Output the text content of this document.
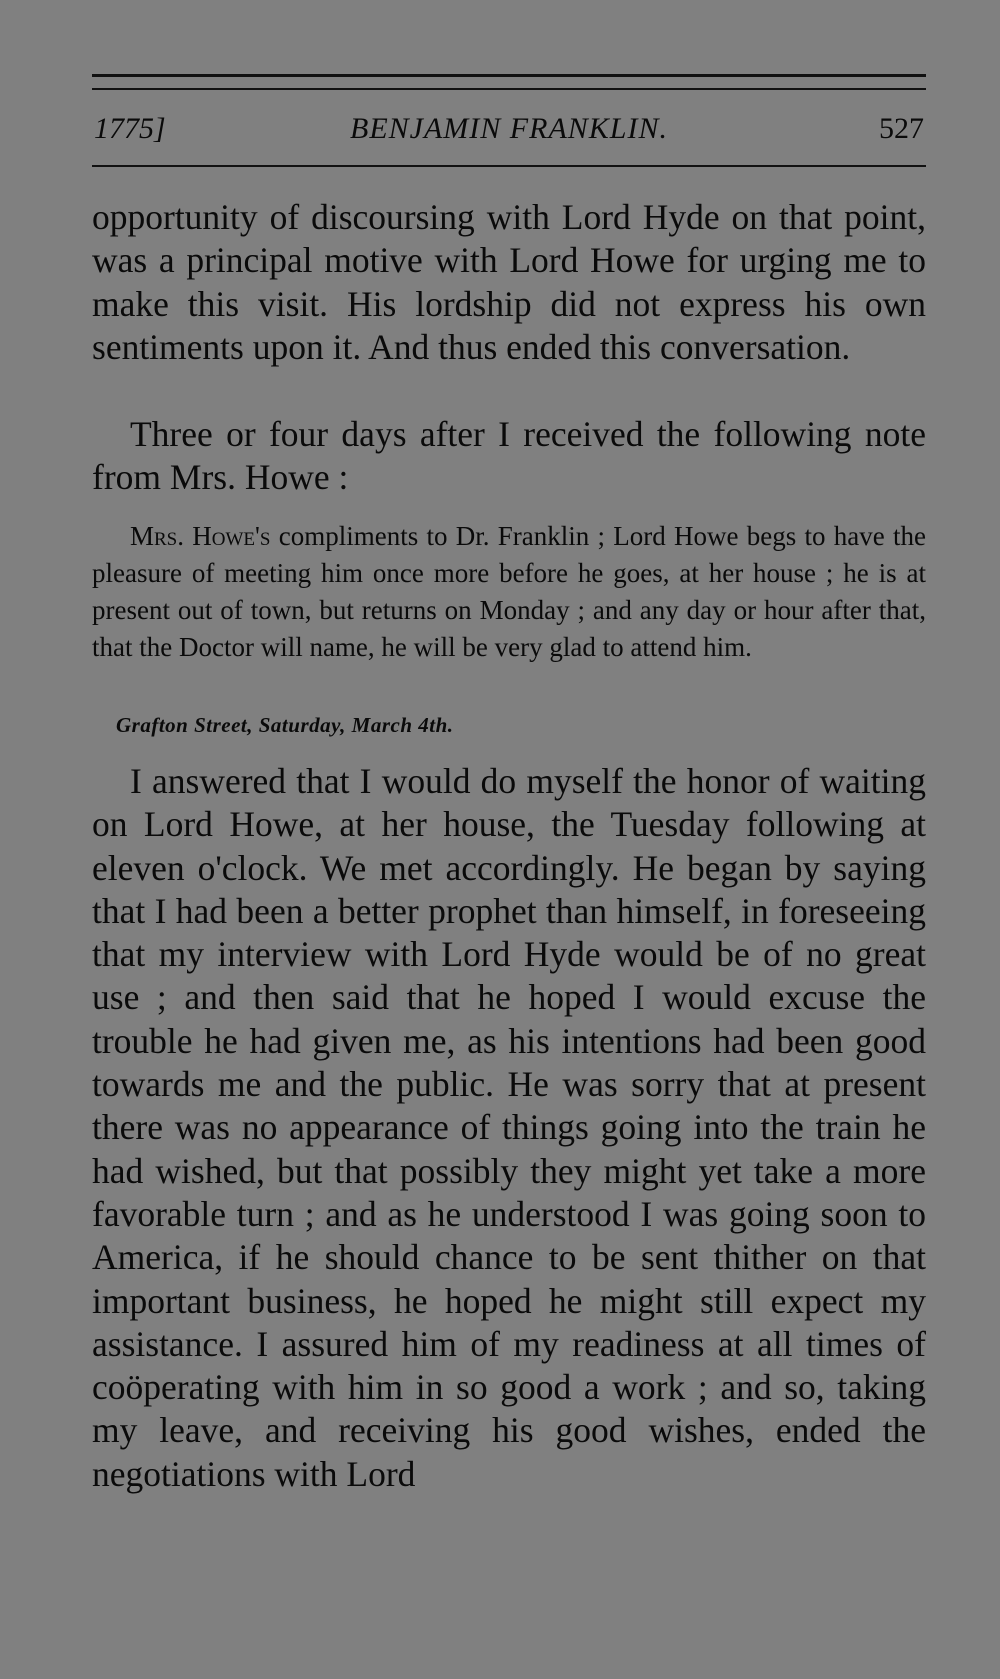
1775]	BENJAMIN FRANKLIN.	527

opportunity of discoursing with Lord Hyde on that point, was a principal motive with Lord Howe for urging me to make this visit. His lordship did not express his own sentiments upon it. And thus ended this conversation.

Three or four days after I received the following note from Mrs. Howe :

Mrs. Howe's compliments to Dr. Franklin ; Lord Howe begs to have the pleasure of meeting him once more before he goes, at her house ; he is at present out of town, but returns on Monday ; and any day or hour after that, that the Doctor will name, he will be very glad to attend him.

Grafton Street, Saturday, March 4th.

I answered that I would do myself the honor of waiting on Lord Howe, at her house, the Tuesday following at eleven o'clock. We met accordingly. He began by saying that I had been a better prophet than himself, in foreseeing that my interview with Lord Hyde would be of no great use ; and then said that he hoped I would excuse the trouble he had given me, as his intentions had been good towards me and the public. He was sorry that at present there was no appearance of things going into the train he had wished, but that possibly they might yet take a more favorable turn ; and as he understood I was going soon to America, if he should chance to be sent thither on that important business, he hoped he might still expect my assistance. I assured him of my readiness at all times of coöperating with him in so good a work ; and so, taking my leave, and receiving his good wishes, ended the negotiations with Lord
